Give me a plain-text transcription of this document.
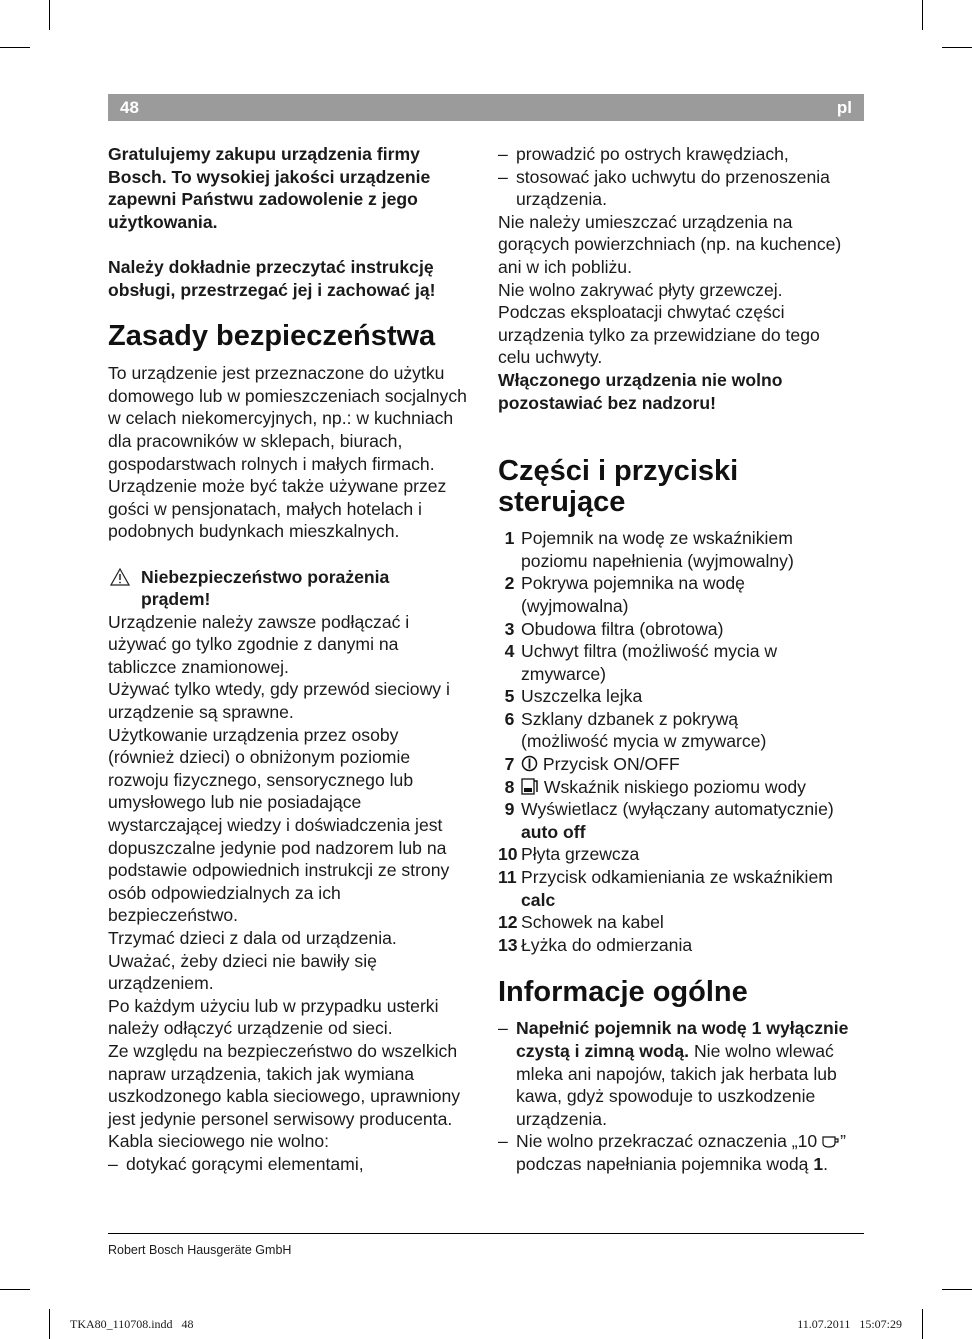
48	pl

Gratulujemy zakupu urządzenia firmy Bosch. To wysokiej jakości urządzenie zapewni Państwu zadowolenie z jego użytkowania.

Należy dokładnie przeczytać instrukcję obsługi, przestrzegać jej i zachować ją!

Zasady bezpieczeństwa

To urządzenie jest przeznaczone do użytku domowego lub w pomieszczeniach socjalnych w celach niekomercyjnych, np.: w kuchniach dla pracowników w sklepach, biurach, gospodarstwach rolnych i małych firmach. Urządzenie może być także używane przez gości w pensjonatach, małych hotelach i podobnych budynkach mieszkalnych.

Niebezpieczeństwo porażenia prądem!

Urządzenie należy zawsze podłączać i używać go tylko zgodnie z danymi na tabliczce znamionowej.

Używać tylko wtedy, gdy przewód sieciowy i urządzenie są sprawne.

Użytkowanie urządzenia przez osoby (również dzieci) o obniżonym poziomie rozwoju fizycznego, sensorycznego lub umysłowego lub nie posiadające wystarczającej wiedzy i doświadczenia jest dopuszczalne jedynie pod nadzorem lub na podstawie odpowiednich instrukcji ze strony osób odpowiedzialnych za ich bezpieczeństwo.

Trzymać dzieci z dala od urządzenia.

Uważać, żeby dzieci nie bawiły się urządzeniem.

Po każdym użyciu lub w przypadku usterki należy odłączyć urządzenie od sieci.

Ze względu na bezpieczeństwo do wszelkich napraw urządzenia, takich jak wymiana uszkodzonego kabla sieciowego, uprawniony jest jedynie personel serwisowy producenta.

Kabla sieciowego nie wolno:

– dotykać gorącymi elementami,

– prowadzić po ostrych krawędziach,

– stosować jako uchwytu do przenoszenia urządzenia.

Nie należy umieszczać urządzenia na gorących powierzchniach (np. na kuchence) ani w ich pobliżu.

Nie wolno zakrywać płyty grzewczej.

Podczas eksploatacji chwytać części urządzenia tylko za przewidziane do tego celu uchwyty.

Włączonego urządzenia nie wolno pozostawiać bez nadzoru!

Części i przyciski sterujące
1 Pojemnik na wodę ze wskaźnikiem poziomu napełnienia (wyjmowalny)
2 Pokrywa pojemnika na wodę (wyjmowalna)
3 Obudowa filtra (obrotowa)
4 Uchwyt filtra (możliwość mycia w zmywarce)
5 Uszczelka lejka
6 Szklany dzbanek z pokrywą (możliwość mycia w zmywarce)
7	Przycisk ON/OFF
8	Wskaźnik niskiego poziomu wody
9 Wyświetlacz (wyłączany automatycznie)
auto off
10 Płyta grzewcza
11 Przycisk odkamieniania ze wskaźnikiem
calc
12 Schowek na kabel
13 Łyżka do odmierzania
Informacje ogólne

– Napełnić pojemnik na wodę 1 wyłącznie czystą i zimną wodą. Nie wolno wlewać mleka ani napojów, takich jak herbata lub kawa, gdyż spowoduje to uszkodzenie urządzenia.

– Nie wolno przekraczać oznaczenia „10 ” podczas napełniania pojemnika wodą 1.

Robert Bosch Hausgeräte GmbH
TKA80_110708.indd   48	11.07.2011   15:07:29
